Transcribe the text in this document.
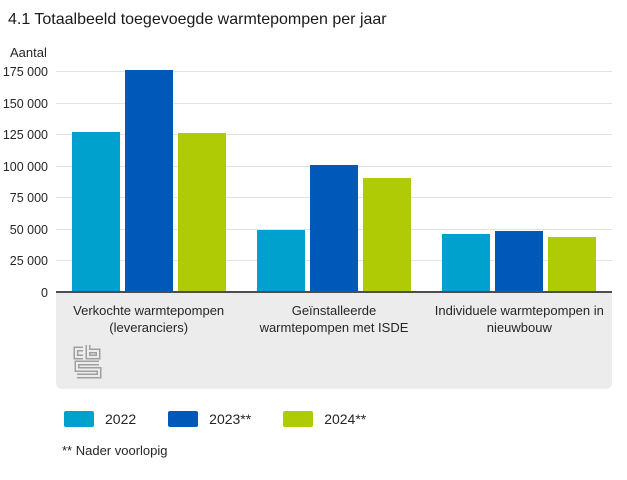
4.1 Totaalbeeld toegevoegde warmtepompen per jaar
Aantal
0
25 000
50 000
75 000
100 000
125 000
150 000
175 000
Verkochte warmtepompen (leveranciers)
Geïnstalleerde warmtepompen met ISDE
Individuele warmtepompen in nieuwbouw
2022	2023**	2024**
** Nader voorlopig
